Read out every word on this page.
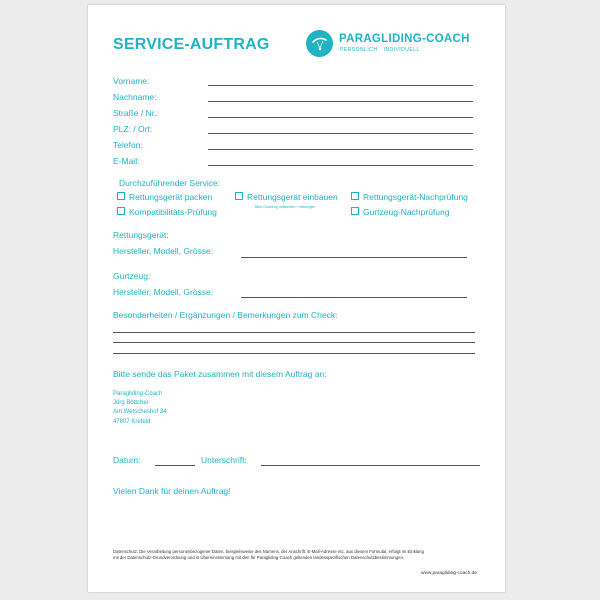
SERVICE-AUFTRAG	PARAGLIDING-COACH
PERSÖNLICH · INDIVIDUELL
Vorname:
Nachname:
Straße / Nr.:
PLZ: / Ort:
Telefon:
E-Mail:
Durchzuführender Service:
Rettungsgerät packen
Kompatibilitäts-Prüfung
Rettungsgerät einbauen
Bitte Gurtzeug mitsenden / mitbringen
Rettungsgerät-Nachprüfung
Gurtzeug-Nachprüfung
Rettungsgerät:
Hersteller, Modell, Grösse:
Gurtzeug:
Hersteller, Modell, Grösse:
Besonderheiten / Ergänzungen / Bemerkungen zum Check:
Bitte sende das Paket zusammen mit diesem Auftrag an:
Paragliding-Coach
Jörg Böttcher
Am Wetscheshof 34
47807 Krefeld
Datum:	Unterschrift:
Vielen Dank für deinen Auftrag!
Datenschutz: Die Verarbeitung personenbezogener Daten, beispielsweise des Namens, der Anschrift, E-Mail-Adresse etc. aus diesem Formular, erfolgt im Einklang
mit der Datenschutz-Grundverordnung und in Übereinstimmung mit den für Paragliding-Coach geltenden landesspezifischen Datenschutzbestimmungen.
www.paragliding-coach.de
